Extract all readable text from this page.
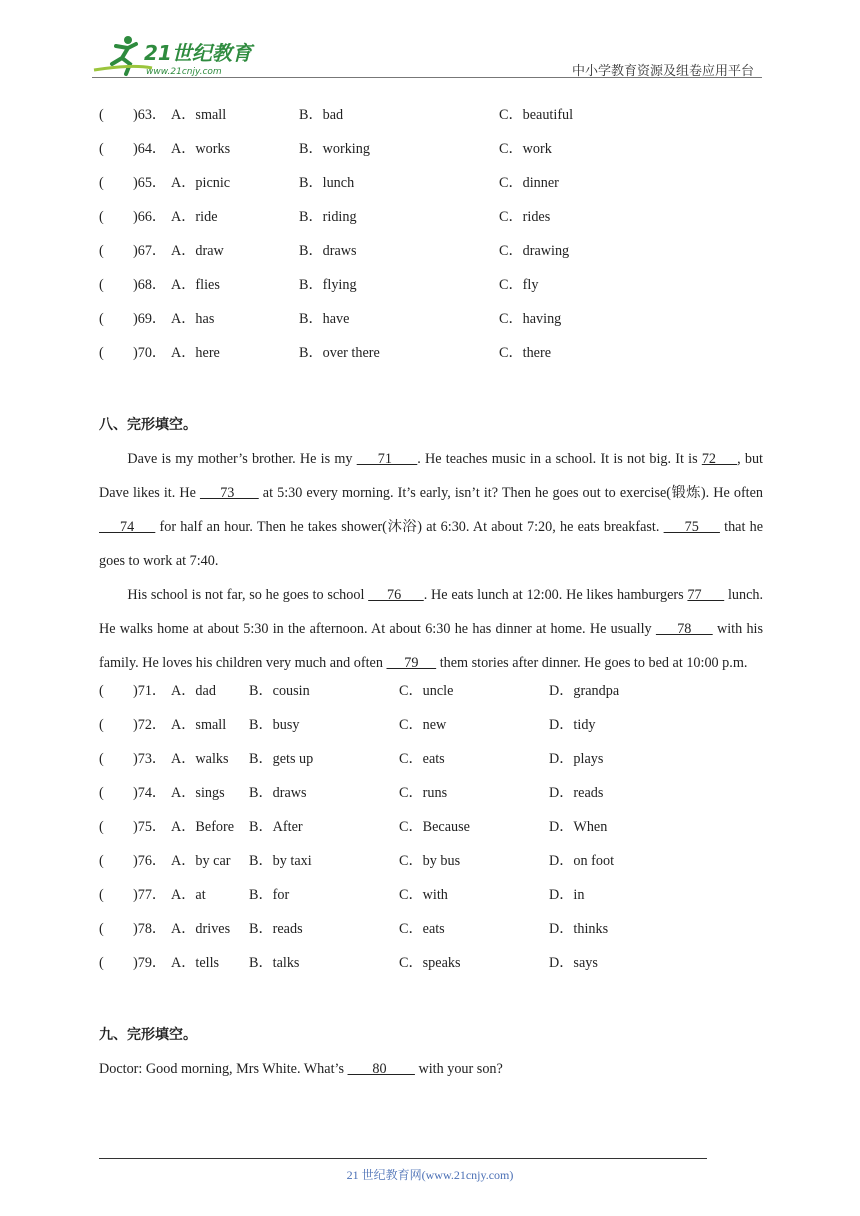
21世纪教育
www.21cnjy.com	中小学教育资源及组卷应用平台
( )63． A．small	B．bad	C．beautiful
( )64． A．works	B．working	C．work
( )65． A．picnic	B．lunch	C．dinner
( )66． A．ride	B．riding	C．rides
( )67． A．draw	B．draws	C．drawing
( )68． A．flies	B．flying	C．fly
( )69． A．has	B．have	C．having
( )70． A．here	B．over there	C．there
八、完形填空。

Dave is my mother’s brother. He is my      71      . He teaches music in a school. It is not big. It is 72     , but Dave likes it. He      73       at 5:30 every morning. It’s early, isn’t it? Then he goes out to exercise(锻炼). He often      74      for half an hour. Then he takes shower(沐浴) at 6:30. At about 7:20, he eats breakfast.      75      that he goes to work at 7:40.

His school is not far, so he goes to school      76      . He eats lunch at 12:00. He likes hamburgers 77       lunch. He walks home at about 5:30 in the afternoon. At about 6:30 he has dinner at home. He usually      78      with his family. He loves his children very much and often      79      them stories after dinner. He goes to bed at 10:00 p.m.

( )71． A．dad B．cousin	C．uncle	D．grandpa
( )72． A．small B．busy	C．new	D．tidy
( )73． A．walks B．gets up	C．eats	D．plays
( )74． A．sings B．draws	C．runs	D．reads
( )75． A．Before B．After	C．Because	D．When
( )76． A．by car B．by taxi	C．by bus	D．on foot
( )77． A．at	B．for	C．with	D．in
( )78． A．drives B．reads	C．eats	D．thinks
( )79． A．tells B．talks	C．speaks	D．says
九、完形填空。

Doctor: Good morning, Mrs White. What’s        80         with your son?

21 世纪教育网(www.21cnjy.com)
